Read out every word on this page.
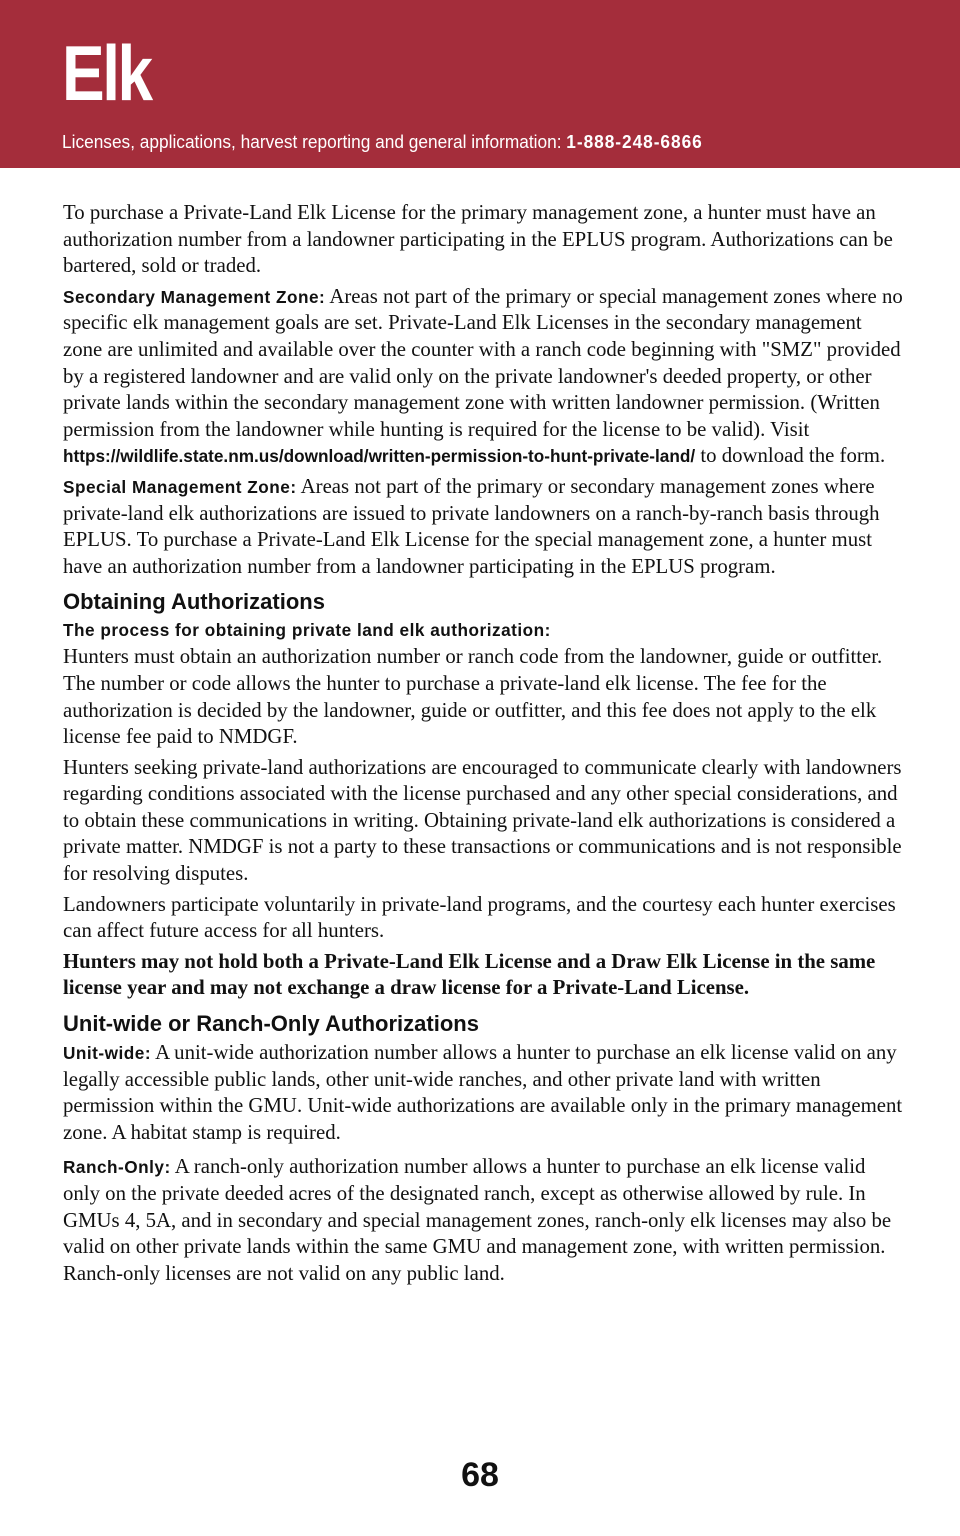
Elk
Licenses, applications, harvest reporting and general information: 1-888-248-6866

To purchase a Private-Land Elk License for the primary management zone, a hunter must have an authorization number from a landowner participating in the EPLUS program. Authorizations can be bartered, sold or traded.

Secondary Management Zone: Areas not part of the primary or special management zones where no specific elk management goals are set. Private-Land Elk Licenses in the secondary management zone are unlimited and available over the counter with a ranch code beginning with "SMZ" provided by a registered landowner and are valid only on the private landowner's deeded property, or other private lands within the secondary management zone with written landowner permission. (Written permission from the landowner while hunting is required for the license to be valid). Visit https://wildlife.state.nm.us/download/written-permission-to-hunt-private-land/ to download the form.

Special Management Zone: Areas not part of the primary or secondary management zones where private-land elk authorizations are issued to private landowners on a ranch-by-ranch basis through EPLUS. To purchase a Private-Land Elk License for the special management zone, a hunter must have an authorization number from a landowner participating in the EPLUS program.

Obtaining Authorizations
The process for obtaining private land elk authorization:

Hunters must obtain an authorization number or ranch code from the landowner, guide or outfitter. The number or code allows the hunter to purchase a private-land elk license. The fee for the authorization is decided by the landowner, guide or outfitter, and this fee does not apply to the elk license fee paid to NMDGF.

Hunters seeking private-land authorizations are encouraged to communicate clearly with landowners regarding conditions associated with the license purchased and any other special considerations, and to obtain these communications in writing. Obtaining private-land elk authorizations is considered a private matter. NMDGF is not a party to these transactions or communications and is not responsible for resolving disputes.

Landowners participate voluntarily in private-land programs, and the courtesy each hunter exercises can affect future access for all hunters.

Hunters may not hold both a Private-Land Elk License and a Draw Elk License in the same license year and may not exchange a draw license for a Private-Land License.

Unit-wide or Ranch-Only Authorizations

Unit-wide: A unit-wide authorization number allows a hunter to purchase an elk license valid on any legally accessible public lands, other unit-wide ranches, and other private land with written permission within the GMU. Unit-wide authorizations are available only in the primary management zone. A habitat stamp is required.

Ranch-Only: A ranch-only authorization number allows a hunter to purchase an elk license valid only on the private deeded acres of the designated ranch, except as otherwise allowed by rule. In GMUs 4, 5A, and in secondary and special management zones, ranch-only elk licenses may also be valid on other private lands within the same GMU and management zone, with written permission. Ranch-only licenses are not valid on any public land.

68
